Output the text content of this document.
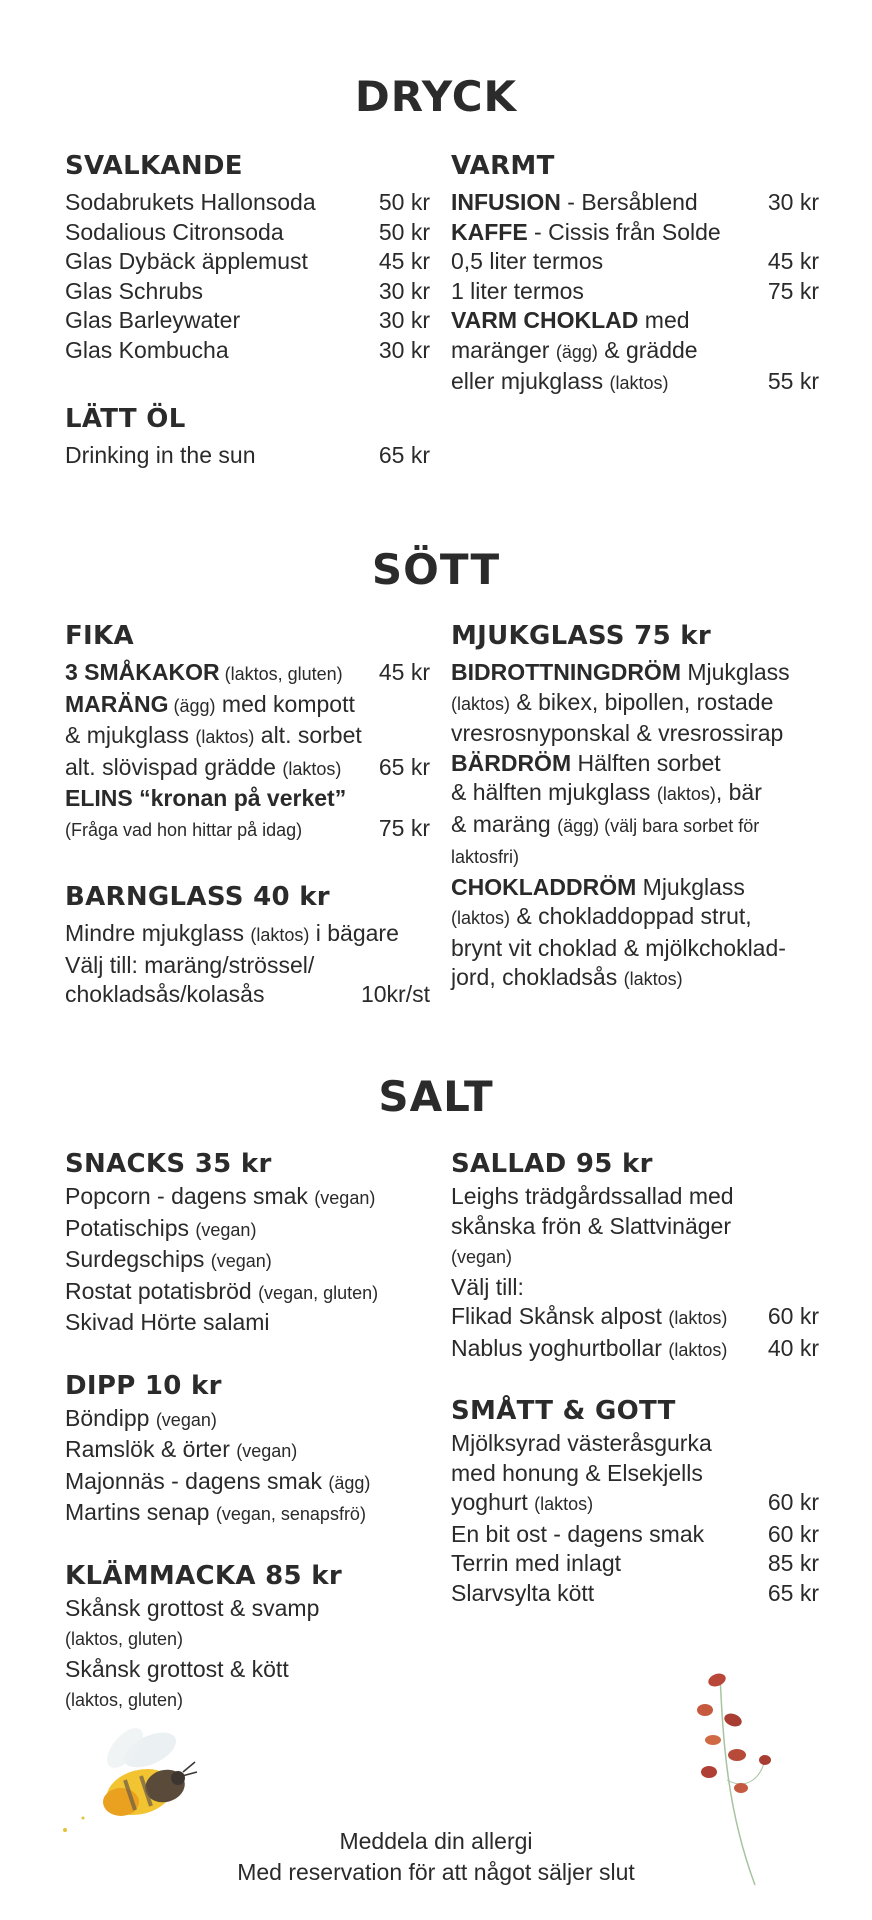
DRYCK
SVALKANDE
Sodabrukets Hallonsoda	50 kr
Sodalious Citronsoda	50 kr
Glas Dybäck äpplemust	45 kr
Glas Schrubs	30 kr
Glas Barleywater	30 kr
Glas Kombucha	30 kr
LÄTT ÖL
Drinking in the sun	65 kr
VARMT
INFUSION - Bersåblend	30 kr
KAFFE - Cissis från Solde
0,5 liter termos	45 kr
1 liter termos	75 kr
VARM CHOKLAD med
maränger (ägg) & grädde
eller mjukglass (laktos)	55 kr
SÖTT
FIKA
3 SMÅKAKOR (laktos, gluten) 45 kr
MARÄNG (ägg) med kompott
& mjukglass (laktos) alt. sorbet
alt. slövispad grädde (laktos) 65 kr
ELINS “kronan på verket”
(Fråga vad hon hittar på idag)	75 kr
BARNGLASS 40 kr
Mindre mjukglass (laktos) i bägare
Välj till: maräng/strössel/
chokladsås/kolasås	10kr/st
MJUKGLASS 75 kr
BIDROTTNINGDRÖM Mjukglass
(laktos) & bikex, bipollen, rostade
vresrosnyponskal & vresrossirap
BÄRDRÖM Hälften sorbet
& hälften mjukglass (laktos), bär
& maräng (ägg) (välj bara sorbet för
laktosfri)
CHOKLADDRÖM Mjukglass
(laktos) & chokladdoppad strut,
brynt vit choklad & mjölkchoklad-
jord, chokladsås (laktos)
SALT
SNACKS 35 kr
Popcorn - dagens smak (vegan)
Potatischips (vegan)
Surdegschips (vegan)
Rostat potatisbröd (vegan, gluten)
Skivad Hörte salami
DIPP 10 kr
Böndipp (vegan)
Ramslök & örter (vegan)
Majonnäs - dagens smak (ägg)
Martins senap (vegan, senapsfrö)
KLÄMMACKA 85 kr
Skånsk grottost & svamp
(laktos, gluten)
Skånsk grottost & kött
(laktos, gluten)
SALLAD 95 kr
Leighs trädgårdssallad med
skånska frön & Slattvinäger
(vegan)
Välj till:
Flikad Skånsk alpost (laktos) 60 kr
Nablus yoghurtbollar (laktos) 40 kr
SMÅTT & GOTT
Mjölksyrad västeråsgurka
med honung & Elsekjells
yoghurt (laktos)	60 kr
En bit ost - dagens smak	60 kr
Terrin med inlagt	85 kr
Slarvsylta kött	65 kr
Meddela din allergi
Med reservation för att något säljer slut
